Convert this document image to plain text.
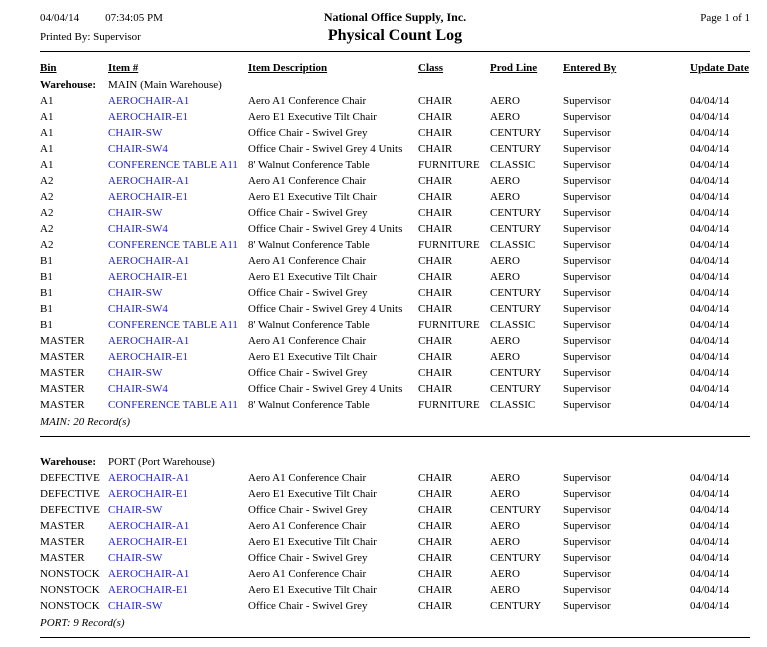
04/04/14 07:34:05 PM	National Office Supply, Inc.	Page 1 of 1
Printed By: Supervisor	Physical Count Log
Bin	Item #	Item Description	Class	Prod Line	Entered By	Update Date
Warehouse:	MAIN (Main Warehouse)					
A1	AEROCHAIR-A1	Aero A1 Conference Chair	CHAIR	AERO	Supervisor	04/04/14
A1	AEROCHAIR-E1	Aero E1 Executive Tilt Chair	CHAIR	AERO	Supervisor	04/04/14
A1	CHAIR-SW	Office Chair - Swivel Grey	CHAIR	CENTURY	Supervisor	04/04/14
A1	CHAIR-SW4	Office Chair - Swivel Grey 4 Units	CHAIR	CENTURY	Supervisor	04/04/14
A1	CONFERENCE TABLE A11	8' Walnut Conference Table	FURNITURE	CLASSIC	Supervisor	04/04/14
A2	AEROCHAIR-A1	Aero A1 Conference Chair	CHAIR	AERO	Supervisor	04/04/14
A2	AEROCHAIR-E1	Aero E1 Executive Tilt Chair	CHAIR	AERO	Supervisor	04/04/14
A2	CHAIR-SW	Office Chair - Swivel Grey	CHAIR	CENTURY	Supervisor	04/04/14
A2	CHAIR-SW4	Office Chair - Swivel Grey 4 Units	CHAIR	CENTURY	Supervisor	04/04/14
A2	CONFERENCE TABLE A11	8' Walnut Conference Table	FURNITURE	CLASSIC	Supervisor	04/04/14
B1	AEROCHAIR-A1	Aero A1 Conference Chair	CHAIR	AERO	Supervisor	04/04/14
B1	AEROCHAIR-E1	Aero E1 Executive Tilt Chair	CHAIR	AERO	Supervisor	04/04/14
B1	CHAIR-SW	Office Chair - Swivel Grey	CHAIR	CENTURY	Supervisor	04/04/14
B1	CHAIR-SW4	Office Chair - Swivel Grey 4 Units	CHAIR	CENTURY	Supervisor	04/04/14
B1	CONFERENCE TABLE A11	8' Walnut Conference Table	FURNITURE	CLASSIC	Supervisor	04/04/14
MASTER	AEROCHAIR-A1	Aero A1 Conference Chair	CHAIR	AERO	Supervisor	04/04/14
MASTER	AEROCHAIR-E1	Aero E1 Executive Tilt Chair	CHAIR	AERO	Supervisor	04/04/14
MASTER	CHAIR-SW	Office Chair - Swivel Grey	CHAIR	CENTURY	Supervisor	04/04/14
MASTER	CHAIR-SW4	Office Chair - Swivel Grey 4 Units	CHAIR	CENTURY	Supervisor	04/04/14
MASTER	CONFERENCE TABLE A11	8' Walnut Conference Table	FURNITURE	CLASSIC	Supervisor	04/04/14
MAIN: 20 Record(s)						
Warehouse:	PORT (Port Warehouse)					
DEFECTIVE	AEROCHAIR-A1	Aero A1 Conference Chair	CHAIR	AERO	Supervisor	04/04/14
DEFECTIVE	AEROCHAIR-E1	Aero E1 Executive Tilt Chair	CHAIR	AERO	Supervisor	04/04/14
DEFECTIVE	CHAIR-SW	Office Chair - Swivel Grey	CHAIR	CENTURY	Supervisor	04/04/14
MASTER	AEROCHAIR-A1	Aero A1 Conference Chair	CHAIR	AERO	Supervisor	04/04/14
MASTER	AEROCHAIR-E1	Aero E1 Executive Tilt Chair	CHAIR	AERO	Supervisor	04/04/14
MASTER	CHAIR-SW	Office Chair - Swivel Grey	CHAIR	CENTURY	Supervisor	04/04/14
NONSTOCK	AEROCHAIR-A1	Aero A1 Conference Chair	CHAIR	AERO	Supervisor	04/04/14
NONSTOCK	AEROCHAIR-E1	Aero E1 Executive Tilt Chair	CHAIR	AERO	Supervisor	04/04/14
NONSTOCK	CHAIR-SW	Office Chair - Swivel Grey	CHAIR	CENTURY	Supervisor	04/04/14
PORT: 9 Record(s)						
